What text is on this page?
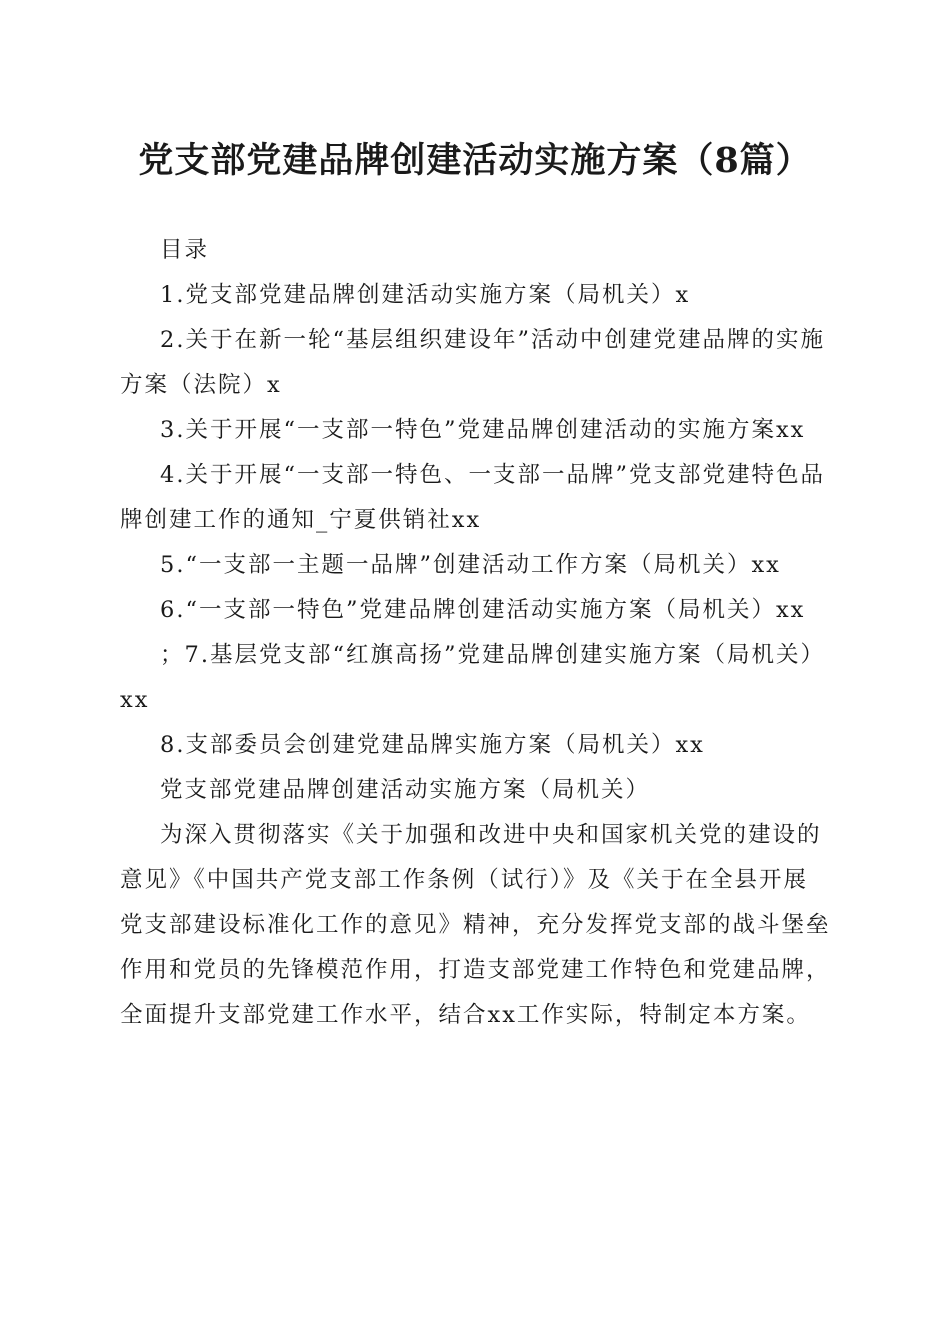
党支部党建品牌创建活动实施方案（8篇）

目录

1.党支部党建品牌创建活动实施方案（局机关）x

2.关于在新一轮“基层组织建设年”活动中创建党建品牌的实施方案（法院）x

3.关于开展“一支部一特色”党建品牌创建活动的实施方案xx

4.关于开展“一支部一特色、一支部一品牌”党支部党建特色品牌创建工作的通知_宁夏供销社xx

5.“一支部一主题一品牌”创建活动工作方案（局机关）xx

6.“一支部一特色”党建品牌创建活动实施方案（局机关）xx

；7.基层党支部“红旗高扬”党建品牌创建实施方案（局机关）xx

8.支部委员会创建党建品牌实施方案（局机关）xx

党支部党建品牌创建活动实施方案（局机关）

为深入贯彻落实《关于加强和改进中央和国家机关党的建设的意见》《中国共产党支部工作条例（试行）》及《关于在全县开展党支部建设标准化工作的意见》精神，充分发挥党支部的战斗堡垒作用和党员的先锋模范作用，打造支部党建工作特色和党建品牌，全面提升支部党建工作水平，结合xx工作实际，特制定本方案。
